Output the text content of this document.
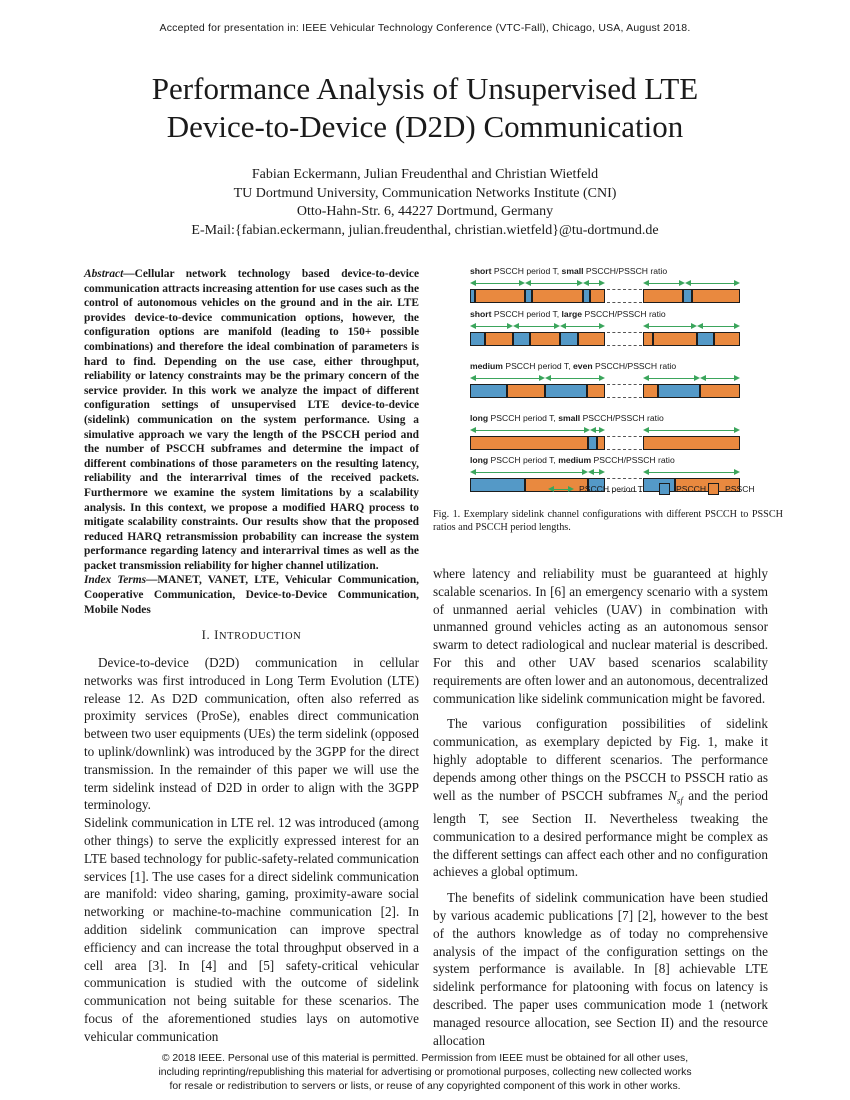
Accepted for presentation in: IEEE Vehicular Technology Conference (VTC-Fall), Chicago, USA, August 2018.
Performance Analysis of Unsupervised LTE
Device-to-Device (D2D) Communication
Fabian Eckermann, Julian Freudenthal and Christian Wietfeld
TU Dortmund University, Communication Networks Institute (CNI)
Otto-Hahn-Str. 6, 44227 Dortmund, Germany
E-Mail:{fabian.eckermann, julian.freudenthal, christian.wietfeld}@tu-dortmund.de

Abstract—Cellular network technology based device-to-device communication attracts increasing attention for use cases such as the control of autonomous vehicles on the ground and in the air. LTE provides device-to-device communication options, however, the configuration options are manifold (leading to 150+ possible combinations) and therefore the ideal combination of parameters is hard to find. Depending on the use case, either throughput, reliability or latency constraints may be the primary concern of the service provider. In this work we analyze the impact of different configuration settings of unsupervised LTE device-to-device (sidelink) communication on the system performance. Using a simulative approach we vary the length of the PSCCH period and the number of PSCCH subframes and determine the impact of different combinations of those parameters on the resulting latency, reliability and the interarrival times of the received packets. Furthermore we examine the system limitations by a scalability analysis. In this context, we propose a modified HARQ process to mitigate scalability constraints. Our results show that the proposed reduced HARQ retransmission probability can increase the system performance regarding latency and interarrival times as well as the packet transmission reliability for higher channel utilization.

Index Terms—MANET, VANET, LTE, Vehicular Communication, Cooperative Communication, Device-to-Device Communication, Mobile Nodes

I. INTRODUCTION

Device-to-device (D2D) communication in cellular networks was first introduced in Long Term Evolution (LTE) release 12. As D2D communication, often also referred as proximity services (ProSe), enables direct communication between two user equipments (UEs) the term sidelink (opposed to uplink/downlink) was introduced by the 3GPP for the direct transmission. In the remainder of this paper we will use the term sidelink instead of D2D in order to align with the 3GPP terminology.

Sidelink communication in LTE rel. 12 was introduced (among other things) to serve the explicitly expressed interest for an LTE based technology for public-safety-related communication services [1]. The use cases for a direct sidelink communication are manifold: video sharing, gaming, proximity-aware social networking or machine-to-machine communication [2]. In addition sidelink communication can improve spectral efficiency and can increase the total throughput observed in a cell area [3]. In [4] and [5] safety-critical vehicular communication is studied with the outcome of sidelink communication not being suitable for these scenarios. The focus of the aforementioned studies lays on automotive vehicular communication

short PSCCH period T, small PSCCH/PSSCH ratio
short PSCCH period T, large PSCCH/PSSCH ratio
medium PSCCH period T, even PSCCH/PSSCH ratio
long PSCCH period T, small PSCCH/PSSCH ratio
long PSCCH period T, medium PSCCH/PSSCH ratio
PSCCH period T	PSCCH PSSCH
Fig. 1. Exemplary sidelink channel configurations with different PSCCH to PSSCH ratios and PSCCH period lengths.

where latency and reliability must be guaranteed at highly scalable scenarios. In [6] an emergency scenario with a system of unmanned aerial vehicles (UAV) in combination with unmanned ground vehicles acting as an autonomous sensor swarm to detect radiological and nuclear material is described. For this and other UAV based scenarios scalability requirements are often lower and an autonomous, decentralized communication like sidelink communication might be favored.

The various configuration possibilities of sidelink communication, as exemplary depicted by Fig. 1, make it highly adoptable to different scenarios. The performance depends among other things on the PSCCH to PSSCH ratio as well as the number of PSCCH subframes $N_{sf}$ and the period length T, see Section II. Nevertheless tweaking the communication to a desired performance might be complex as the different settings can affect each other and no configuration achieves a global optimum.

The benefits of sidelink communication have been studied by various academic publications [7] [2], however to the best of the authors knowledge as of today no comprehensive analysis of the impact of the configuration settings on the system performance is available. In [8] achievable LTE sidelink performance for platooning with focus on latency is described. The paper uses communication mode 1 (network managed resource allocation, see Section II) and the resource allocation

© 2018 IEEE. Personal use of this material is permitted. Permission from IEEE must be obtained for all other uses,
including reprinting/republishing this material for advertising or promotional purposes, collecting new collected works
for resale or redistribution to servers or lists, or reuse of any copyrighted component of this work in other works.
